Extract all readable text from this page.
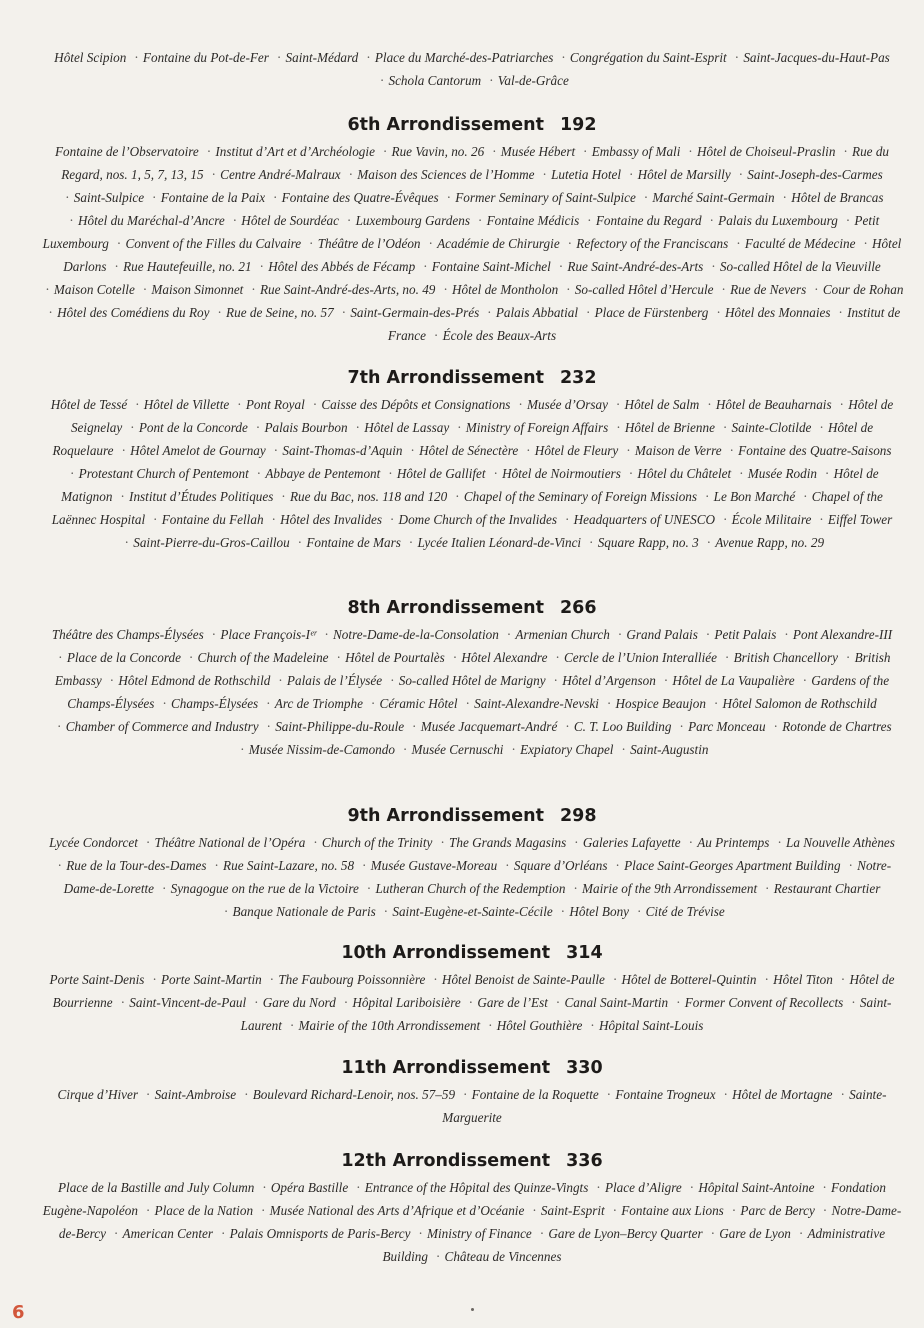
Hôtel Scipion · Fontaine du Pot-de-Fer · Saint-Médard · Place du Marché-des-Patriarches · Congrégation du Saint-Esprit · Saint-Jacques-du-Haut-Pas · Schola Cantorum · Val-de-Grâce
6th Arrondissement 192
Fontaine de l’Observatoire · Institut d’Art et d’Archéologie · Rue Vavin, no. 26 · Musée Hébert · Embassy of Mali · Hôtel de Choiseul-Praslin · Rue du Regard, nos. 1, 5, 7, 13, 15 · Centre André-Malraux · Maison des Sciences de l’Homme · Lutetia Hotel · Hôtel de Marsilly · Saint-Joseph-des-Carmes · Saint-Sulpice · Fontaine de la Paix · Fontaine des Quatre-Évêques · Former Seminary of Saint-Sulpice · Marché Saint-Germain · Hôtel de Brancas · Hôtel du Maréchal-d’Ancre · Hôtel de Sourdéac · Luxembourg Gardens · Fontaine Médicis · Fontaine du Regard · Palais du Luxembourg · Petit Luxembourg · Convent of the Filles du Calvaire · Théâtre de l’Odéon · Académie de Chirurgie · Refectory of the Franciscans · Faculté de Médecine · Hôtel Darlons · Rue Hautefeuille, no. 21 · Hôtel des Abbés de Fécamp · Fontaine Saint-Michel · Rue Saint-André-des-Arts · So-called Hôtel de la Vieuville · Maison Cotelle · Maison Simonnet · Rue Saint-André-des-Arts, no. 49 · Hôtel de Montholon · So-called Hôtel d’Hercule · Rue de Nevers · Cour de Rohan · Hôtel des Comédiens du Roy · Rue de Seine, no. 57 · Saint-Germain-des-Prés · Palais Abbatial · Place de Fürstenberg · Hôtel des Monnaies · Institut de France · École des Beaux-Arts
7th Arrondissement 232
Hôtel de Tessé · Hôtel de Villette · Pont Royal · Caisse des Dépôts et Consignations · Musée d’Orsay · Hôtel de Salm · Hôtel de Beauharnais · Hôtel de Seignelay · Pont de la Concorde · Palais Bourbon · Hôtel de Lassay · Ministry of Foreign Affairs · Hôtel de Brienne · Sainte-Clotilde · Hôtel de Roquelaure · Hôtel Amelot de Gournay · Saint-Thomas-d’Aquin · Hôtel de Sénectère · Hôtel de Fleury · Maison de Verre · Fontaine des Quatre-Saisons · Protestant Church of Pentemont · Abbaye de Pentemont · Hôtel de Gallifet · Hôtel de Noirmoutiers · Hôtel du Châtelet · Musée Rodin · Hôtel de Matignon · Institut d’Études Politiques · Rue du Bac, nos. 118 and 120 · Chapel of the Seminary of Foreign Missions · Le Bon Marché · Chapel of the Laënnec Hospital · Fontaine du Fellah · Hôtel des Invalides · Dome Church of the Invalides · Headquarters of UNESCO · École Militaire · Eiffel Tower · Saint-Pierre-du-Gros-Caillou · Fontaine de Mars · Lycée Italien Léonard-de-Vinci · Square Rapp, no. 3 · Avenue Rapp, no. 29
8th Arrondissement 266
Théâtre des Champs-Élysées · Place François-Iᵉʳ · Notre-Dame-de-la-Consolation · Armenian Church · Grand Palais · Petit Palais · Pont Alexandre-III · Place de la Concorde · Church of the Madeleine · Hôtel de Pourtalès · Hôtel Alexandre · Cercle de l’Union Interalliée · British Chancellory · British Embassy · Hôtel Edmond de Rothschild · Palais de l’Élysée · So-called Hôtel de Marigny · Hôtel d’Argenson · Hôtel de La Vaupalière · Gardens of the Champs-Élysées · Champs-Élysées · Arc de Triomphe · Céramic Hôtel · Saint-Alexandre-Nevski · Hospice Beaujon · Hôtel Salomon de Rothschild · Chamber of Commerce and Industry · Saint-Philippe-du-Roule · Musée Jacquemart-André · C. T. Loo Building · Parc Monceau · Rotonde de Chartres · Musée Nissim-de-Camondo · Musée Cernuschi · Expiatory Chapel · Saint-Augustin
9th Arrondissement 298
Lycée Condorcet · Théâtre National de l’Opéra · Church of the Trinity · The Grands Magasins · Galeries Lafayette · Au Printemps · La Nouvelle Athènes · Rue de la Tour-des-Dames · Rue Saint-Lazare, no. 58 · Musée Gustave-Moreau · Square d’Orléans · Place Saint-Georges Apartment Building · Notre-Dame-de-Lorette · Synagogue on the rue de la Victoire · Lutheran Church of the Redemption · Mairie of the 9th Arrondissement · Restaurant Chartier · Banque Nationale de Paris · Saint-Eugène-et-Sainte-Cécile · Hôtel Bony · Cité de Trévise
10th Arrondissement 314
Porte Saint-Denis · Porte Saint-Martin · The Faubourg Poissonnière · Hôtel Benoist de Sainte-Paulle · Hôtel de Botterel-Quintin · Hôtel Titon · Hôtel de Bourrienne · Saint-Vincent-de-Paul · Gare du Nord · Hôpital Lariboisière · Gare de l’Est · Canal Saint-Martin · Former Convent of Recollects · Saint-Laurent · Mairie of the 10th Arrondissement · Hôtel Gouthière · Hôpital Saint-Louis
11th Arrondissement 330
Cirque d’Hiver · Saint-Ambroise · Boulevard Richard-Lenoir, nos. 57–59 · Fontaine de la Roquette · Fontaine Trogneux · Hôtel de Mortagne · Sainte-Marguerite
12th Arrondissement 336
Place de la Bastille and July Column · Opéra Bastille · Entrance of the Hôpital des Quinze-Vingts · Place d’Aligre · Hôpital Saint-Antoine · Fondation Eugène-Napoléon · Place de la Nation · Musée National des Arts d’Afrique et d’Océanie · Saint-Esprit · Fontaine aux Lions · Parc de Bercy · Notre-Dame-de-Bercy · American Center · Palais Omnisports de Paris-Bercy · Ministry of Finance · Gare de Lyon–Bercy Quarter · Gare de Lyon · Administrative Building · Château de Vincennes
6
